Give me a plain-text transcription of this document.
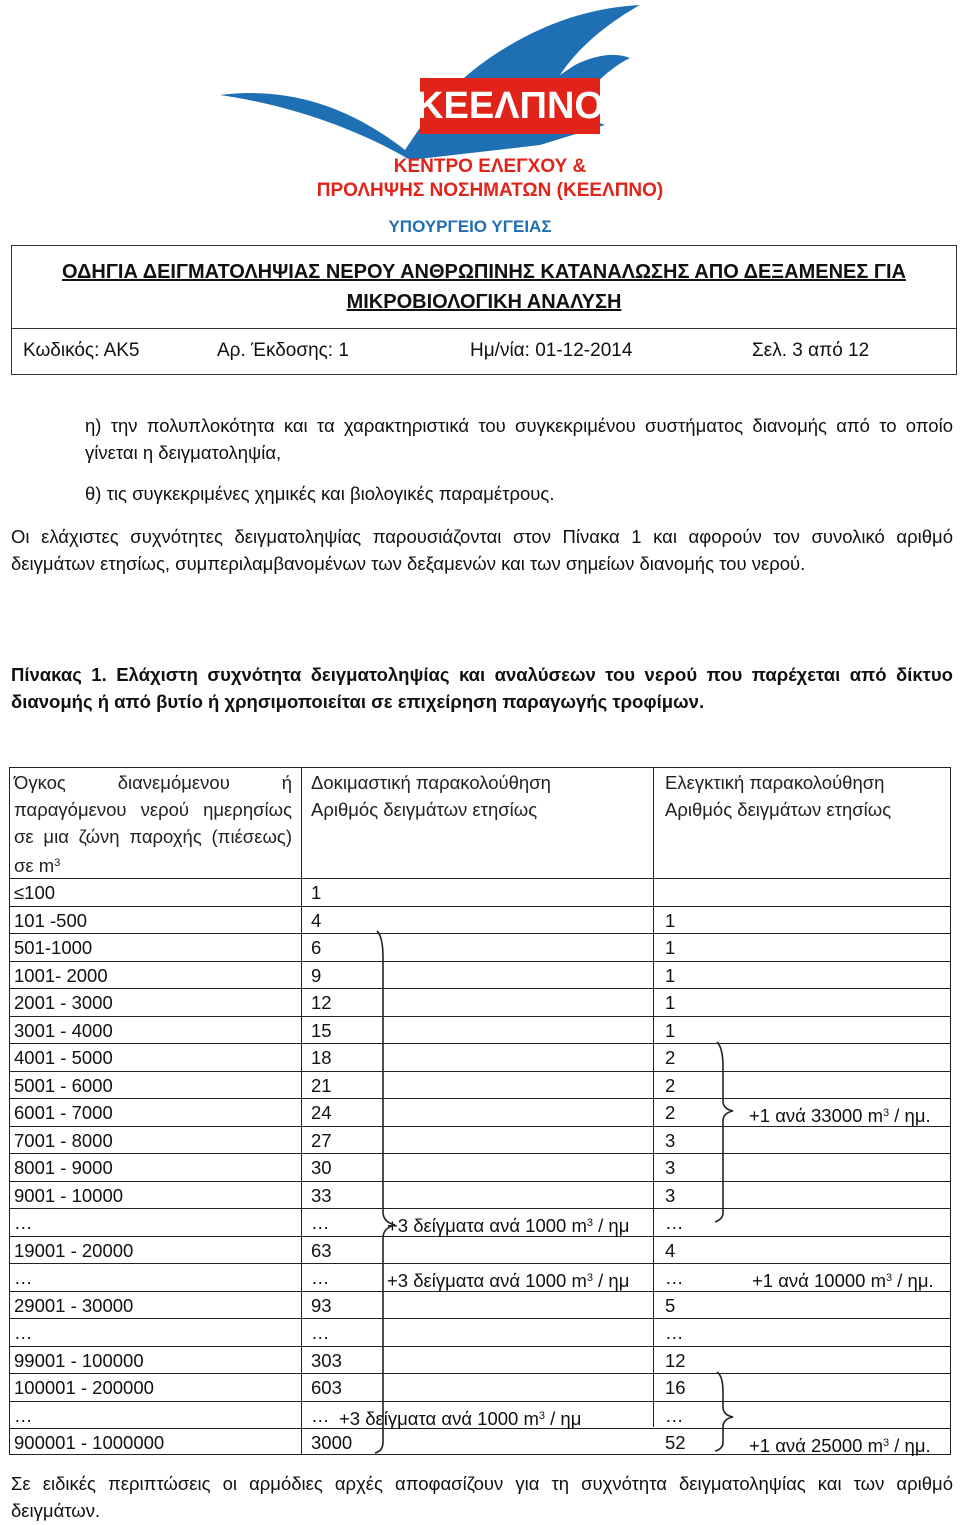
ΚΕΕΛΠΝΟ
ΚΕΝΤΡΟ ΕΛΕΓΧΟΥ &
ΠΡΟΛΗΨΗΣ ΝΟΣΗΜΑΤΩΝ (ΚΕΕΛΠΝΟ)
ΥΠΟΥΡΓΕΙΟ ΥΓΕΙΑΣ
ΟΔΗΓΙΑ ΔΕΙΓΜΑΤΟΛΗΨΙΑΣ ΝΕΡΟΥ ΑΝΘΡΩΠΙΝΗΣ ΚΑΤΑΝΑΛΩΣΗΣ ΑΠΟ ΔΕΞΑΜΕΝΕΣ ΓΙΑ
ΜΙΚΡΟΒΙΟΛΟΓΙΚΗ ΑΝΑΛΥΣΗ
Κωδικός: ΑΚ5	Αρ. Έκδοσης: 1	Ημ/νία: 01-12-2014	Σελ. 3 από 12

η) την πολυπλοκότητα και τα χαρακτηριστικά του συγκεκριμένου συστήματος διανομής από το οποίο γίνεται η δειγματοληψία,

θ) τις συγκεκριμένες χημικές και βιολογικές παραμέτρους.

Οι ελάχιστες συχνότητες δειγματοληψίας παρουσιάζονται στον Πίνακα 1 και αφορούν τον συνολικό αριθμό δειγμάτων ετησίως, συμπεριλαμβανομένων των δεξαμενών και των σημείων διανομής του νερού.

Πίνακας 1. Ελάχιστη συχνότητα δειγματοληψίας και αναλύσεων του νερού που παρέχεται από δίκτυο διανομής ή από βυτίο ή χρησιμοποιείται σε επιχείρηση παραγωγής τροφίμων.

Όγκος διανεμόμενου ή παραγόμενου νερού ημερησίως σε μια ζώνη παροχής (πιέσεως) σε $m^3$
Δοκιμαστική παρακολούθηση Αριθμός δειγμάτων ετησίως
Ελεγκτική παρακολούθηση Αριθμός δειγμάτων ετησίως
≤100	1
101 -500	4	1
501-1000	6	1
1001- 2000	9	1
2001 - 3000	12	1
3001 - 4000	15	1
4001 - 5000	18	2
5001 - 6000	21	2
6001 - 7000	24	2
7001 - 8000	27	3
8001 - 9000	30	3
9001 - 10000	33	3
…	…	…
19001 - 20000	63	4
…	…	…
29001 - 30000	93	5
…	…	…
99001 - 100000	303	12
100001 - 200000	603	16
…	…	…
900001 - 1000000	3000	52
+3 δείγματα ανά 1000 $m^3$ / ημ
+3 δείγματα ανά 1000 $m^3$ / ημ
+3 δείγματα ανά 1000 $m^3$ / ημ
+1 ανά 33000 $m^3$ / ημ.
+1 ανά 10000 $m^3$ / ημ.
+1 ανά 25000 $m^3$ / ημ.

Σε ειδικές περιπτώσεις οι αρμόδιες αρχές αποφασίζουν για τη συχνότητα δειγματοληψίας και των αριθμό δειγμάτων.
